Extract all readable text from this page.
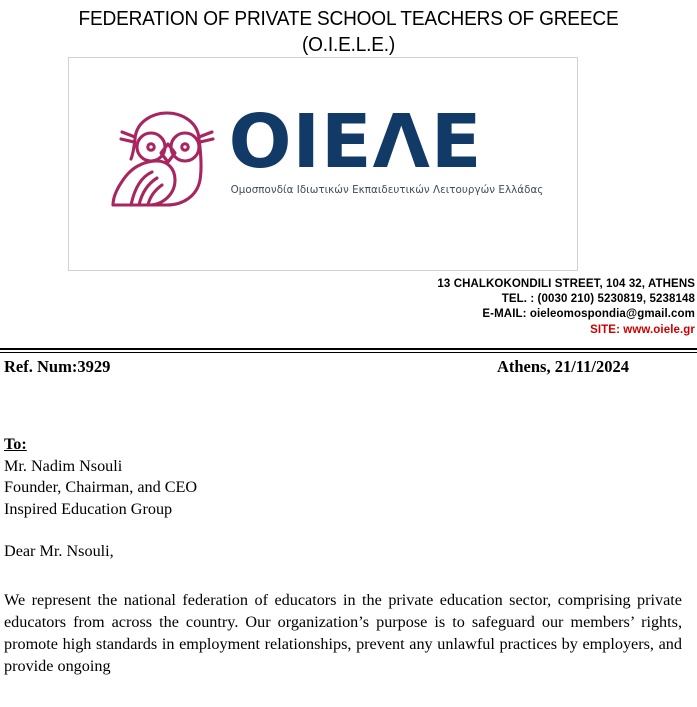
FEDERATION OF PRIVATE SCHOOL TEACHERS OF GREECE
(O.I.E.L.E.)
ΟΙΕΛΕ
Ομοσπονδία Ιδιωτικών Εκπαιδευτικών Λειτουργών Ελλάδας
13 CHALKOKONDILI STREET, 104 32, ATHENS
TEL. : (0030 210) 5230819, 5238148
E-MAIL: oieleomospondia@gmail.com
SITE: www.oiele.gr
Ref. Num:3929	Athens, 21/11/2024
To:
Mr. Nadim Nsouli
Founder, Chairman, and CEO
Inspired Education Group
Dear Mr. Nsouli,
We represent the national federation of educators in the private education sector, comprising private educators from across the country. Our organization’s purpose is to safeguard our members’ rights, promote high standards in employment relationships, prevent any unlawful practices by employers, and provide ongoing
